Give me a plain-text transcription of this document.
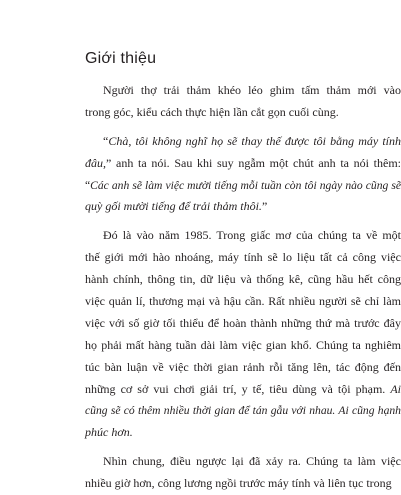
Giới thiệu
  Người thợ trải thảm khéo léo ghim tấm thảm mới vào
trong góc, kiểu cách thực hiện lần cắt gọn cuối cùng.
  “Chà, tôi không nghĩ họ sẽ thay thế được tôi bằng máy tính
đâu,” anh ta nói. Sau khi suy ngẫm một chút anh ta nói thêm:
“Các anh sẽ làm việc mười tiếng mỗi tuần còn tôi ngày nào cũng sẽ
quỳ gối mười tiếng để trải thảm thôi.”
  Đó là vào năm 1985. Trong giấc mơ của chúng ta về một
thế giới mới hào nhoáng, máy tính sẽ lo liệu tất cả công việc
hành chính, thông tin, dữ liệu và thống kê, cũng hầu hết công
việc quản lí, thương mại và hậu cần. Rất nhiều người sẽ chỉ làm
việc với số giờ tối thiểu để hoàn thành những thứ mà trước đây
họ phải mất hàng tuần dài làm việc gian khổ. Chúng ta nghiêm
túc bàn luận về việc thời gian rảnh rỗi tăng lên, tác động đến
những cơ sở vui chơi giải trí, y tế, tiêu dùng và tội phạm. Ai
cũng sẽ có thêm nhiều thời gian để tán gẫu với nhau. Ai cũng hạnh
phúc hơn.
  Nhìn chung, điều ngược lại đã xảy ra. Chúng ta làm việc
nhiều giờ hơn, công lương ngồi trước máy tính và liên tục trong
